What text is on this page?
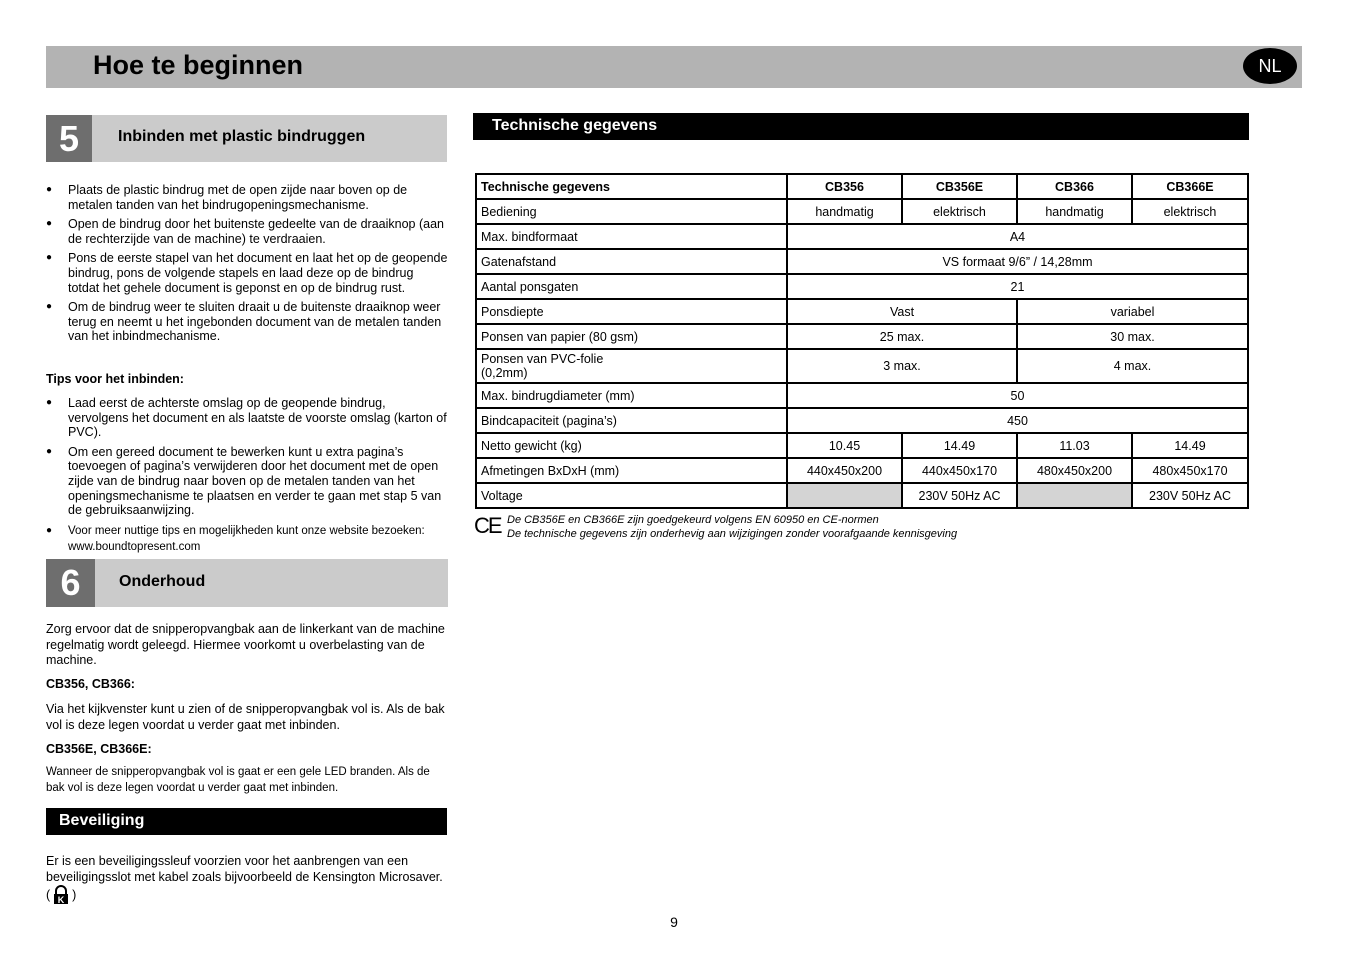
Hoe te beginnen	NL
5	Inbinden met plastic bindruggen
● Plaats de plastic bindrug met de open zijde naar boven op de metalen tanden van het bindrugopeningsmechanisme.
● Open de bindrug door het buitenste gedeelte van de draaiknop (aan de rechterzijde van de machine) te verdraaien.
● Pons de eerste stapel van het document en laat het op de geopende bindrug, pons de volgende stapels en laad deze op de bindrug totdat het gehele document is geponst en op de bindrug rust.
● Om de bindrug weer te sluiten draait u de buitenste draaiknop weer terug en neemt u het ingebonden document van de metalen tanden van het inbindmechanisme.
Tips voor het inbinden:
● Laad eerst de achterste omslag op de geopende bindrug, vervolgens het document en als laatste de voorste omslag (karton of PVC).
● Om een gereed document te bewerken kunt u extra pagina’s toevoegen of pagina’s verwijderen door het document met de open zijde van de bindrug naar boven op de metalen tanden van het openingsmechanisme te plaatsen en verder te gaan met stap 5 van de gebruiksaanwijzing.
● Voor meer nuttige tips en mogelijkheden kunt onze website bezoeken: www.boundtopresent.com
6	Onderhoud
Zorg ervoor dat de snipperopvangbak aan de linkerkant van de machine regelmatig wordt geleegd. Hiermee voorkomt u overbelasting van de machine.
CB356, CB366:
Via het kijkvenster kunt u zien of de snipperopvangbak vol is. Als de bak vol is deze legen voordat u verder gaat met inbinden.
CB356E, CB366E:
Wanneer de snipperopvangbak vol is gaat er een gele LED branden. Als de bak vol is deze legen voordat u verder gaat met inbinden.
Beveiliging
Er is een beveiligingssleuf voorzien voor het aanbrengen van een beveiligingsslot met kabel zoals bijvoorbeeld de Kensington Microsaver. ( K )
Technische gegevens
Technische gegevens	CB356	CB356E	CB366	CB366E
Bediening	handmatig	elektrisch	handmatig	elektrisch
Max. bindformaat	A4			
Gatenafstand	VS formaat 9/6” / 14,28mm			
Aantal ponsgaten	21			
Ponsdiepte	Vast		variabel	
Ponsen van papier (80 gsm)	25 max.		30 max.	
Ponsen van PVC-folie
(0,2mm)	3 max.		4 max.	
Max. bindrugdiameter (mm)	50			
Bindcapaciteit (pagina’s)	450			
Netto gewicht (kg)	10.45	14.49	11.03	14.49
Afmetingen BxDxH (mm)	440x450x200	440x450x170	480x450x200	480x450x170
Voltage		230V 50Hz AC		230V 50Hz AC
CE De CB356E en CB366E zijn goedgekeurd volgens EN 60950 en CE-normen
De technische gegevens zijn onderhevig aan wijzigingen zonder voorafgaande kennisgeving
9
